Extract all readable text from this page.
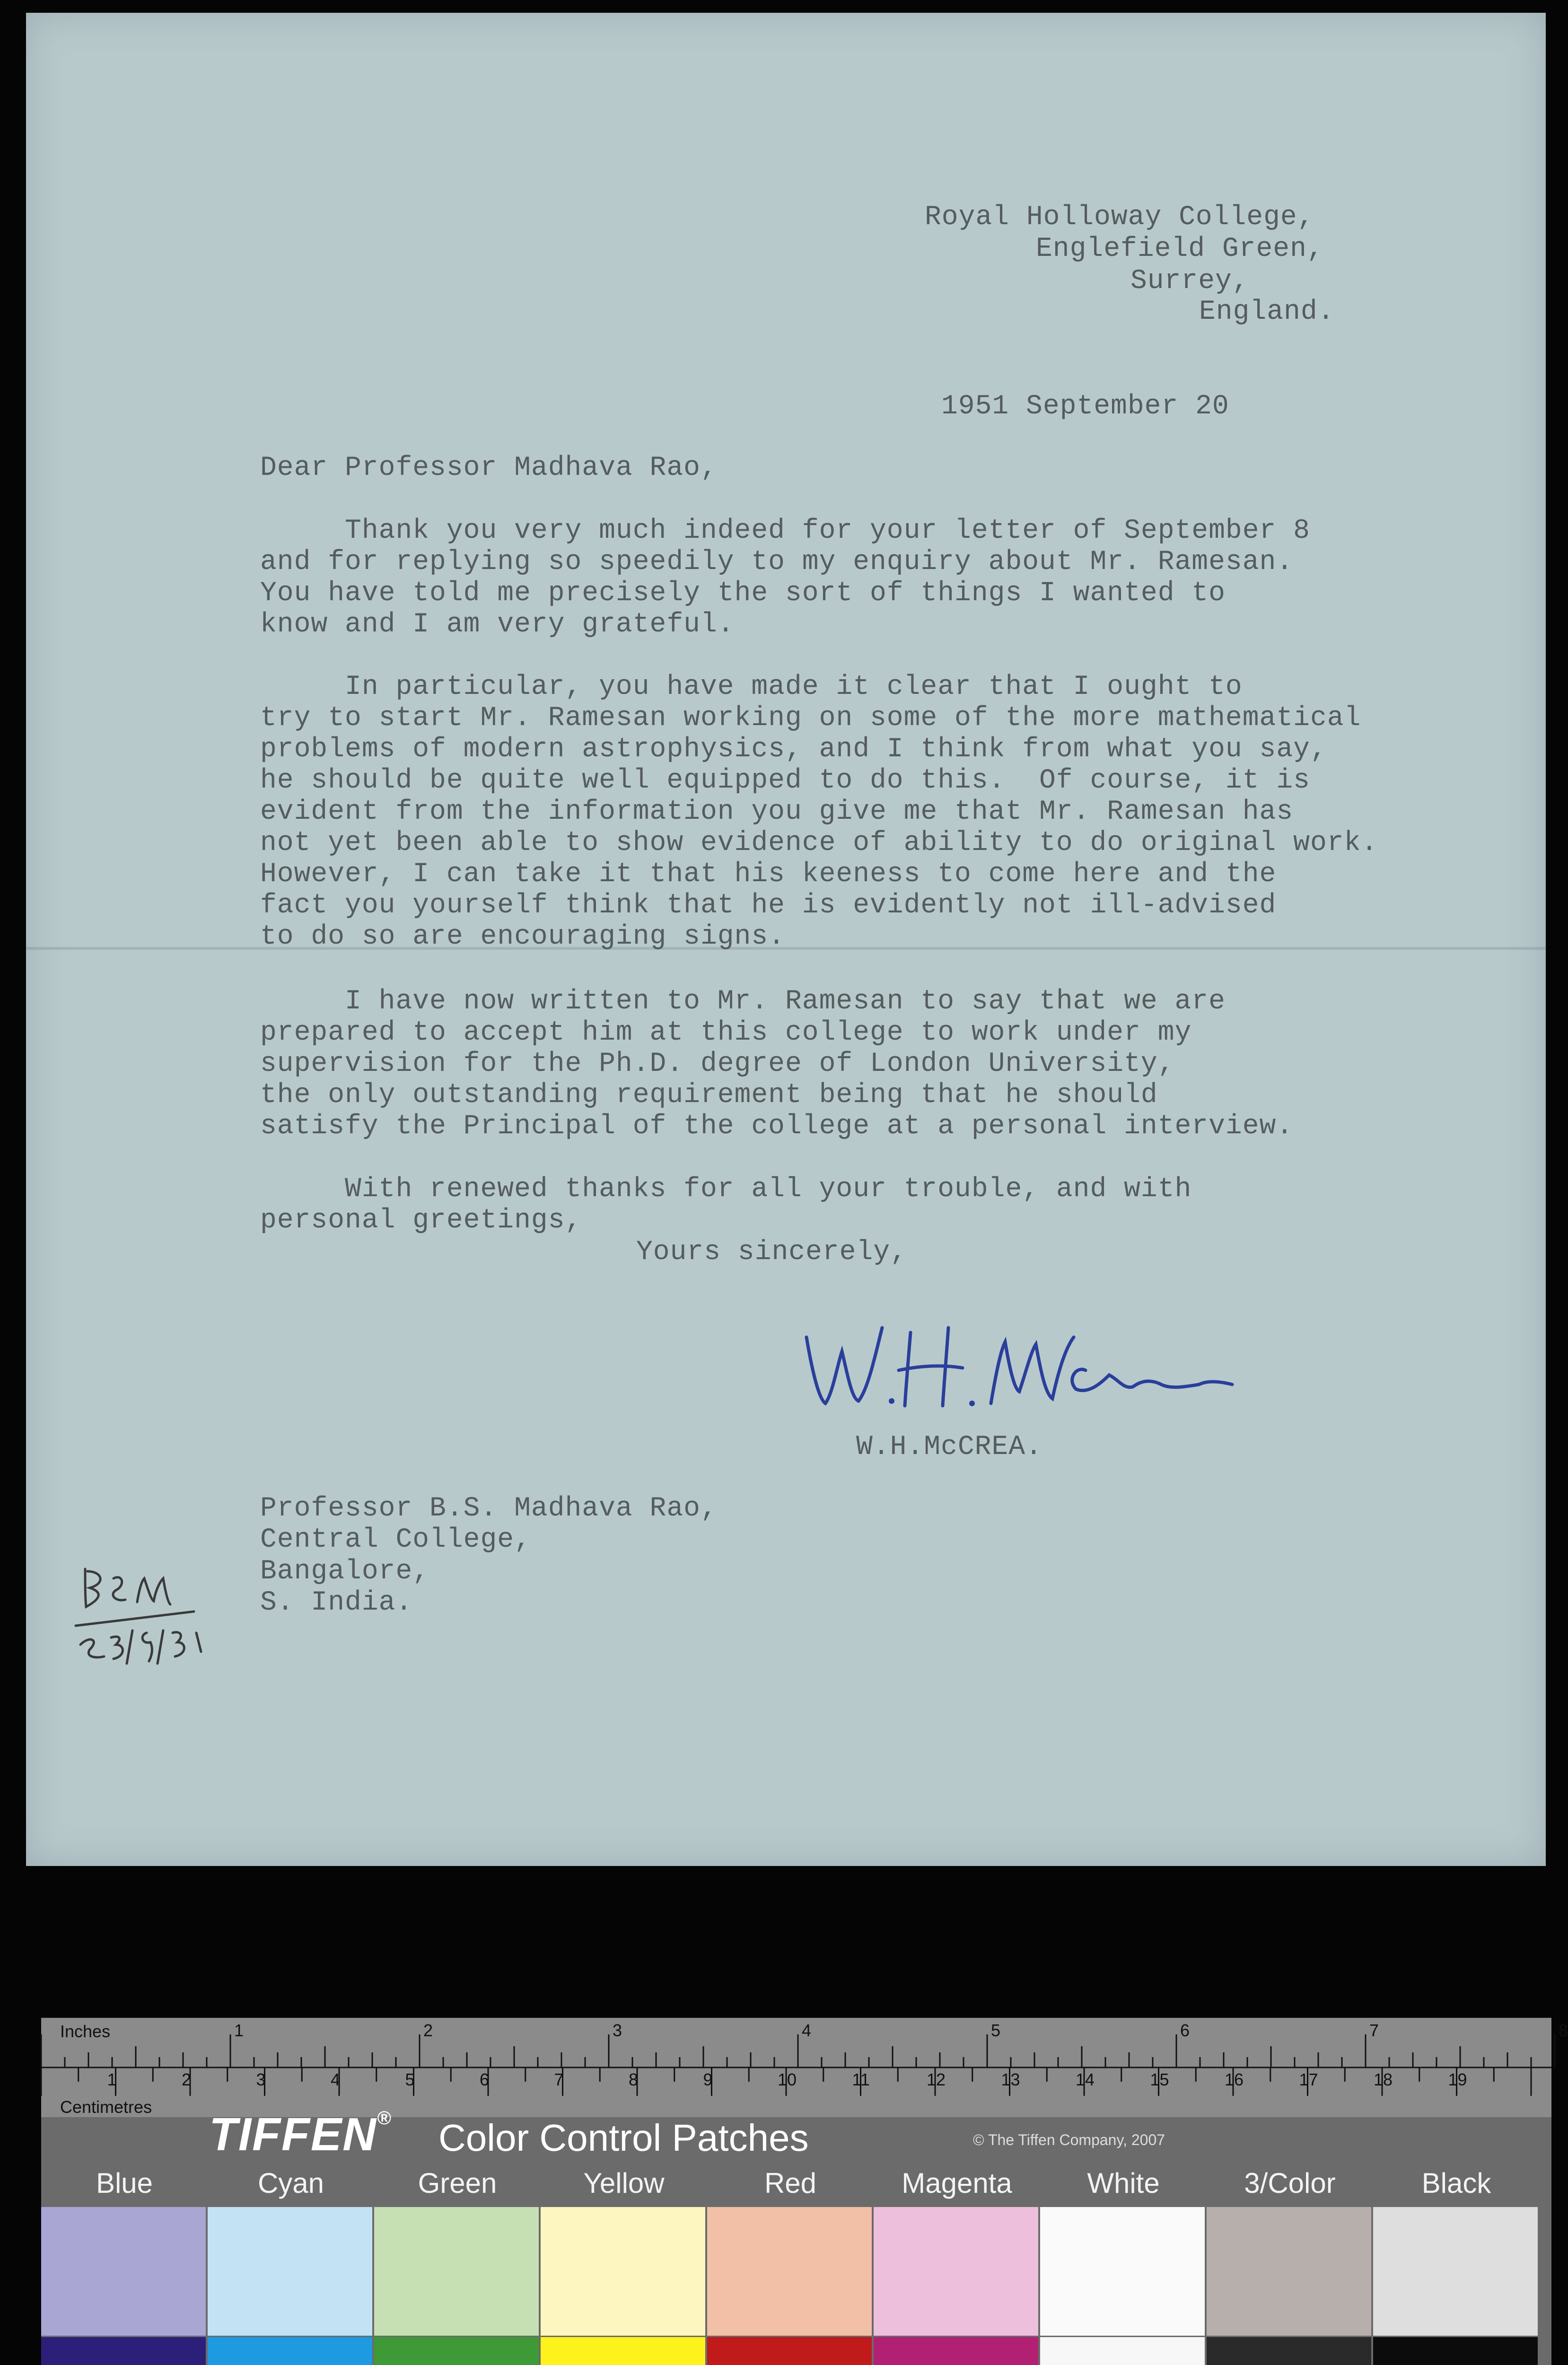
Royal Holloway College,
Englefield Green,
Surrey,
England.
1951 September 20
Dear Professor Madhava Rao,
Thank you very much indeed for your letter of September 8
and for replying so speedily to my enquiry about Mr. Ramesan.
You have told me precisely the sort of things I wanted to
know and I am very grateful.
In particular, you have made it clear that I ought to
try to start Mr. Ramesan working on some of the more mathematical
problems of modern astrophysics, and I think from what you say,
he should be quite well equipped to do this.  Of course, it is
evident from the information you give me that Mr. Ramesan has
not yet been able to show evidence of ability to do original work.
However, I can take it that his keeness to come here and the
fact you yourself think that he is evidently not ill-advised
to do so are encouraging signs.
I have now written to Mr. Ramesan to say that we are
prepared to accept him at this college to work under my
supervision for the Ph.D. degree of London University,
the only outstanding requirement being that he should
satisfy the Principal of the college at a personal interview.
With renewed thanks for all your trouble, and with
personal greetings,
Yours sincerely,
W.H.McCREA.
Professor B.S. Madhava Rao,
Central College,
Bangalore,
S. India.
Inches
Centimetres
1	2	3	4	5	6	7	8
1	2	3	4	5	6	7	8	9	10	11	12	13	14	15	16	17	18	19
TIFFEN® Color Control Patches	© The Tiffen Company, 2007
Blue	Cyan	Green	Yellow	Red	Magenta	White	3/Color	Black
